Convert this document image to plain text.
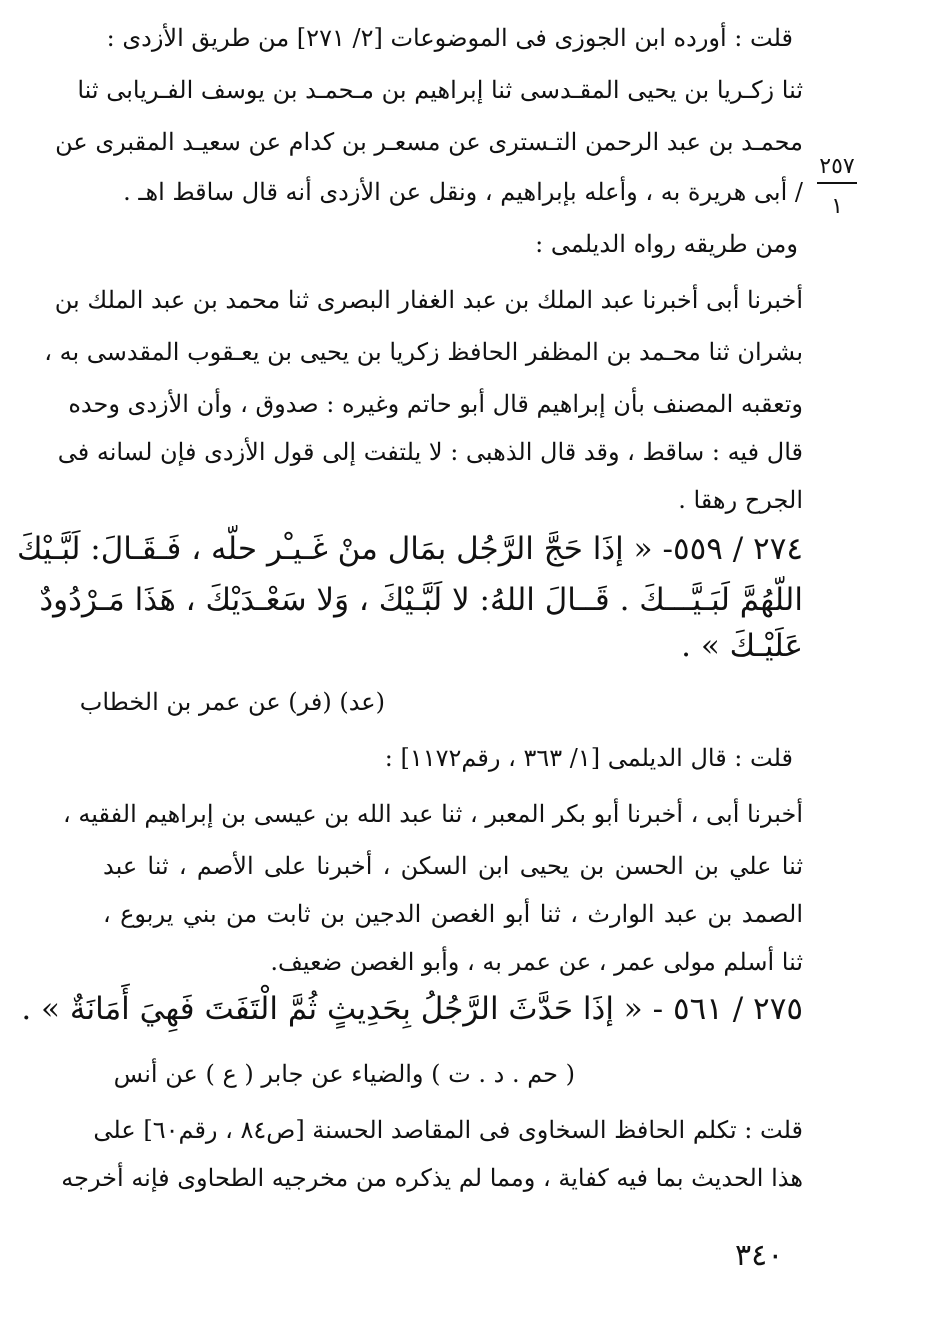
٢٥٧
١
قلت : أورده ابن الجوزى فى الموضوعات [٢/ ٢٧١] من طريق الأزدى :
ثنا زكـريا بن يحيى المقـدسى ثنا إبراهيم بن مـحمـد بن يوسف الفـريابى ثنا
محمـد بن عبد الرحمن التـسترى عن مسعـر بن كدام عن سعيـد المقبرى عن
/ أبى هريرة به ، وأعله بإبراهيم ، ونقل عن الأزدى أنه قال ساقط اهـ .
ومن طريقه رواه الديلمى :
أخبرنا أبى أخبرنا عبد الملك بن عبد الغفار البصرى ثنا محمد بن عبد الملك بن
بشران ثنا محـمد بن المظفر الحافظ زكريا بن يحيى بن يعـقوب المقدسى به ،
وتعقبه المصنف بأن إبراهيم قال أبو حاتم وغيره : صدوق ، وأن الأزدى وحده
قال فيه : ساقط ، وقد قال الذهبى : لا يلتفت إلى قول الأزدى فإن لسانه فى
الجرح رهقا .
٢٧٤ / ٥٥٩- « إذَا حَجَّ الرَّجُل بمَال منْ غَـيـْر حلّه ، فَـقَـالَ: لَبَّـيْكَ
اللّهُمَّ لَبَـيَّـــكَ . قَــالَ اللهُ: لا لَبَّـيْكَ ، وَلا سَعْـدَيْكَ ، هَذَا مَـرْدُودٌ
عَلَيْـكَ » .
(عد) (فر) عن عمر بن الخطاب
قلت : قال الديلمى [١/ ٣٦٣ ، رقم١١٧٢] :
أخبرنا أبى ، أخبرنا أبو بكر المعبر ، ثنا عبد الله بن عيسى بن إبراهيم الفقيه ،
ثنا علي بن الحسن بن يحيى ابن السكن ، أخبرنا على الأصم ، ثنا عبد
الصمد بن عبد الوارث ، ثنا أبو الغصن الدجين بن ثابت من بني يربوع ،
ثنا أسلم مولى عمر ، عن عمر به ، وأبو الغصن ضعيف.
٢٧٥ / ٥٦١ - « إذَا حَدَّثَ الرَّجُلُ بِحَدِيثٍ ثُمَّ الْتَفَتَ فَهِيَ أَمَانَةٌ » .
( حم . د . ت ) والضياء عن جابر ( ع ) عن أنس
قلت : تكلم الحافظ السخاوى فى المقاصد الحسنة [ص٨٤ ، رقم٦٠] على
هذا الحديث بما فيه كفاية ، ومما لم يذكره من مخرجيه الطحاوى فإنه أخرجه
٣٤٠
